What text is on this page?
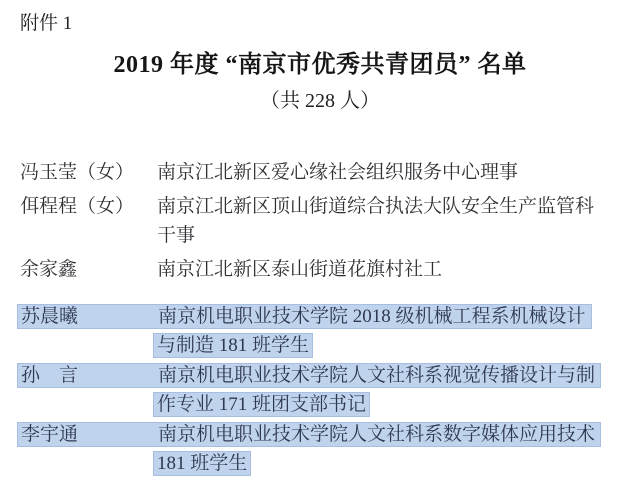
附件 1
2019 年度 “南京市优秀共青团员” 名单
（共 228 人）
冯玉莹（女）	南京江北新区爱心缘社会组织服务中心理事
佴程程（女）	南京江北新区顶山街道综合执法大队安全生产监管科
干事
余家鑫	南京江北新区泰山街道花旗村社工
苏晨曦	南京机电职业技术学院 2018 级机械工程系机械设计
与制造 181 班学生
孙　言	南京机电职业技术学院人文社科系视觉传播设计与制
作专业 171 班团支部书记
李宇通	南京机电职业技术学院人文社科系数字媒体应用技术
181 班学生
